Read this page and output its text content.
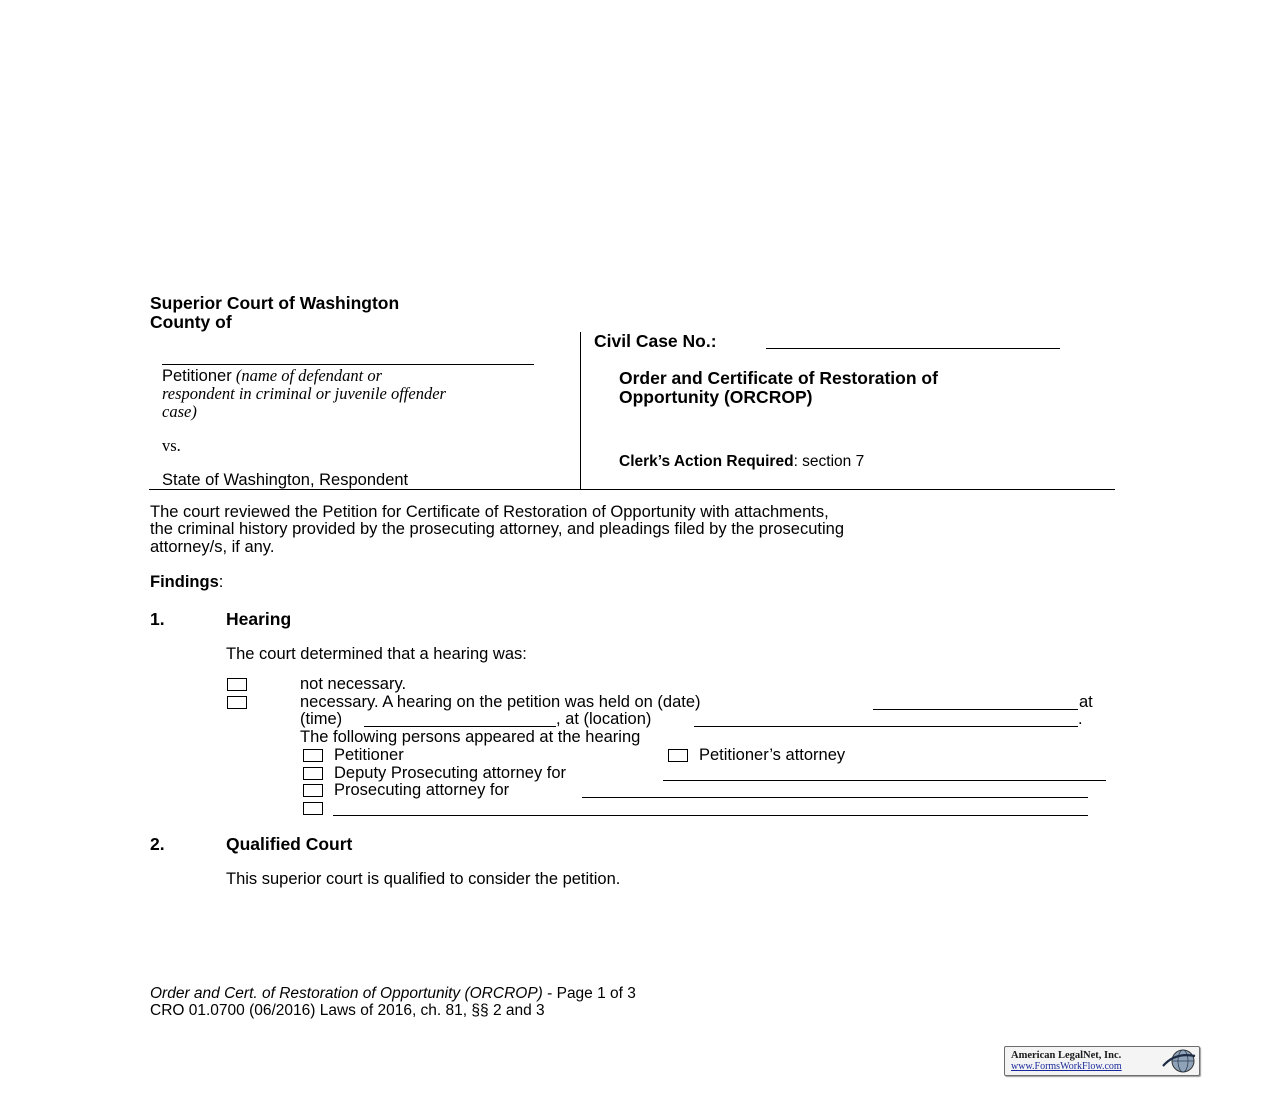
Superior Court of Washington
County of
Civil Case No.:
Petitioner (name of defendant or
respondent in criminal or juvenile offender
case)
vs.
State of Washington, Respondent
Order and Certificate of Restoration of
Opportunity (ORCROP)
Clerk’s Action Required: section 7
The court reviewed the Petition for Certificate of Restoration of Opportunity with attachments,
the criminal history provided by the prosecuting attorney, and pleadings filed by the prosecuting
attorney/s, if any.
Findings:
1.	Hearing
The court determined that a hearing was:
not necessary.
necessary. A hearing on the petition was held on (date)	at
(time)	, at (location)	.
The following persons appeared at the hearing
Petitioner	Petitioner’s attorney
Deputy Prosecuting attorney for
Prosecuting attorney for
2.	Qualified Court
This superior court is qualified to consider the petition.
Order and Cert. of Restoration of Opportunity (ORCROP) - Page 1 of 3
CRO 01.0700 (06/2016) Laws of 2016, ch. 81, §§ 2 and 3
American LegalNet, Inc.
www.FormsWorkFlow.com
